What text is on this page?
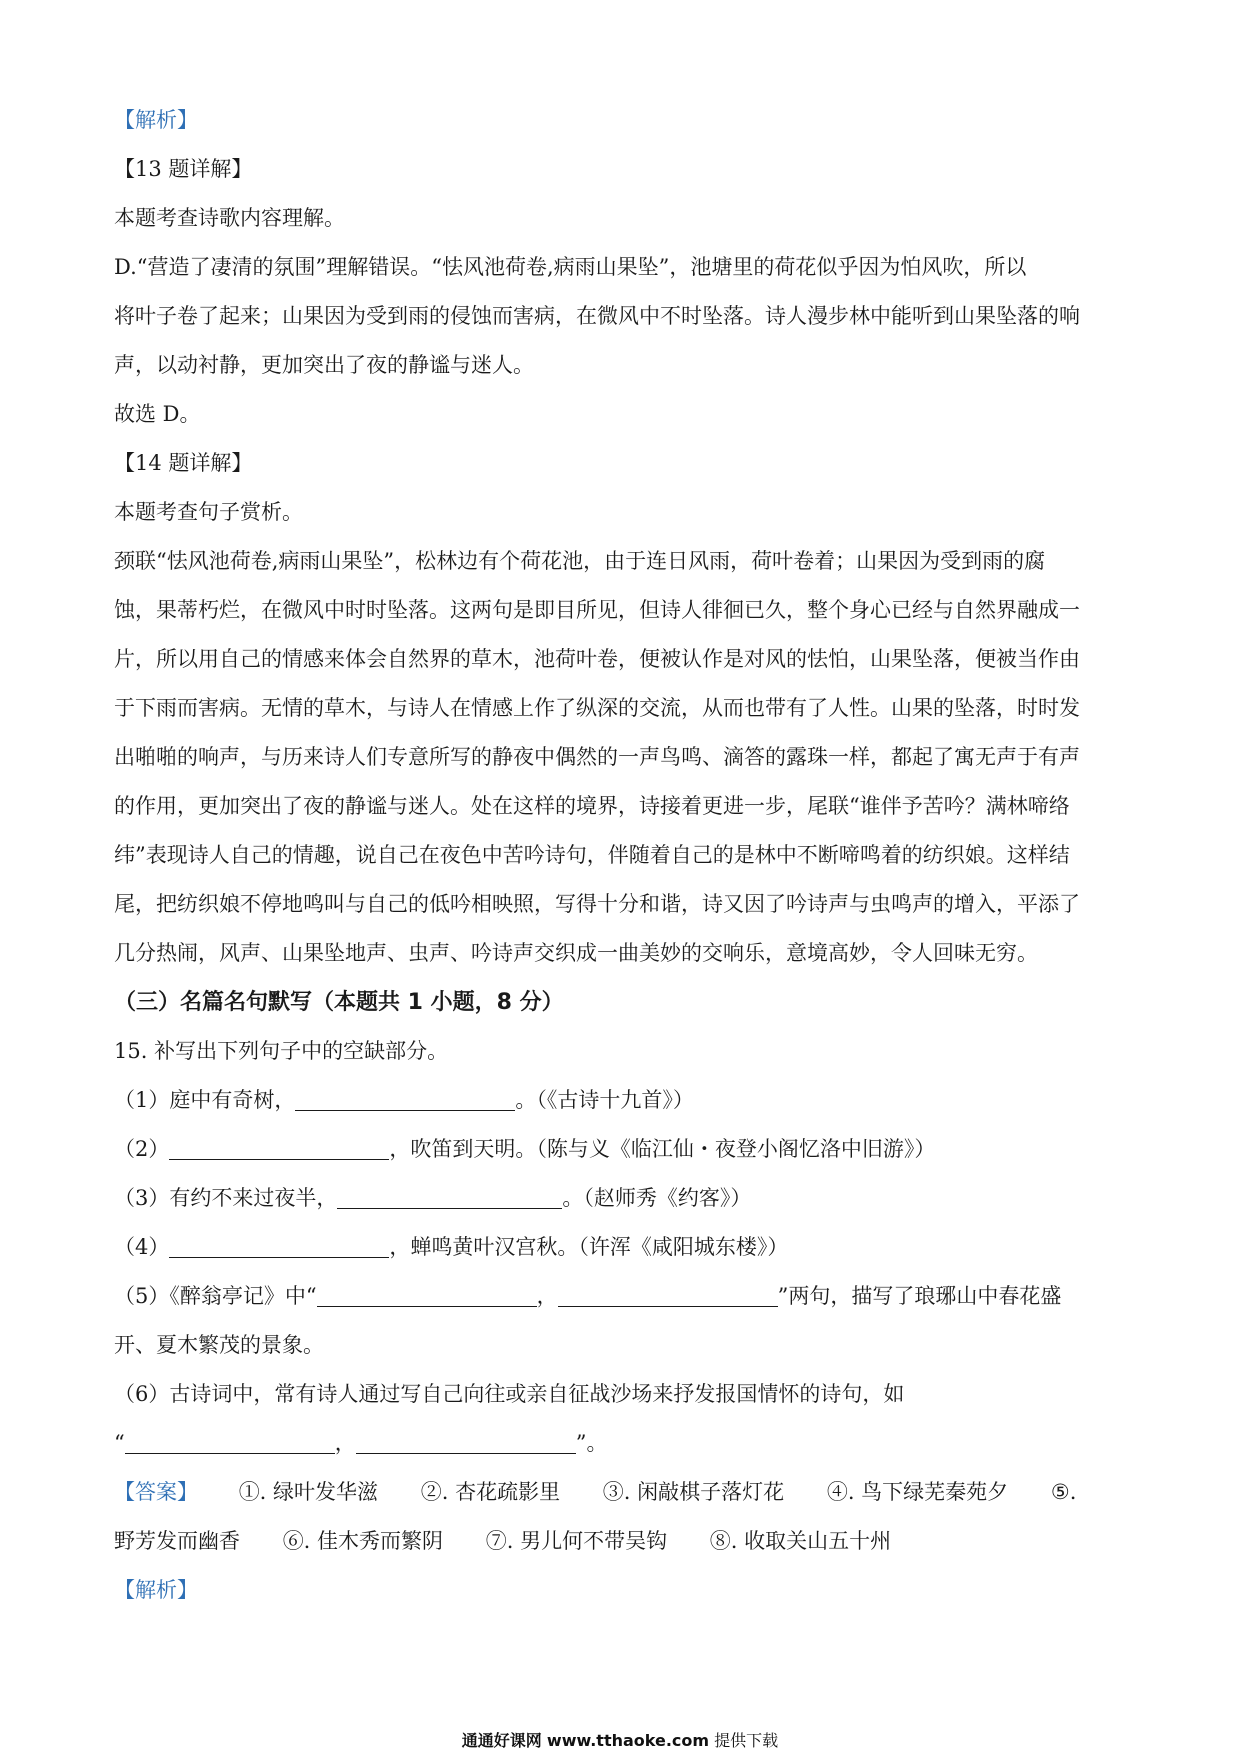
【解析】
【13 题详解】
本题考查诗歌内容理解。
D.“营造了凄清的氛围”理解错误。“怯风池荷卷,病雨山果坠”，池塘里的荷花似乎因为怕风吹，所以
将叶子卷了起来；山果因为受到雨的侵蚀而害病，在微风中不时坠落。诗人漫步林中能听到山果坠落的响
声，以动衬静，更加突出了夜的静谧与迷人。
故选 D。
【14 题详解】
本题考查句子赏析。
颈联“怯风池荷卷,病雨山果坠”，松林边有个荷花池，由于连日风雨，荷叶卷着；山果因为受到雨的腐
蚀，果蒂朽烂，在微风中时时坠落。这两句是即目所见，但诗人徘徊已久，整个身心已经与自然界融成一
片，所以用自己的情感来体会自然界的草木，池荷叶卷，便被认作是对风的怯怕，山果坠落，便被当作由
于下雨而害病。无情的草木，与诗人在情感上作了纵深的交流，从而也带有了人性。山果的坠落，时时发
出啪啪的响声，与历来诗人们专意所写的静夜中偶然的一声鸟鸣、滴答的露珠一样，都起了寓无声于有声
的作用，更加突出了夜的静谧与迷人。处在这样的境界，诗接着更进一步，尾联“谁伴予苦吟？满林啼络
纬”表现诗人自己的情趣，说自己在夜色中苦吟诗句，伴随着自己的是林中不断啼鸣着的纺织娘。这样结
尾，把纺织娘不停地鸣叫与自己的低吟相映照，写得十分和谐，诗又因了吟诗声与虫鸣声的增入，平添了
几分热闹，风声、山果坠地声、虫声、吟诗声交织成一曲美妙的交响乐，意境高妙，令人回味无穷。
（三）名篇名句默写（本题共 1 小题，8 分）
15. 补写出下列句子中的空缺部分。
（1）庭中有奇树，	。（《古诗十九首》）
（2）	，吹笛到天明。（陈与义《临江仙・夜登小阁忆洛中旧游》）
（3）有约不来过夜半，	。（赵师秀《约客》）
（4）	，蝉鸣黄叶汉宫秋。（许浑《咸阳城东楼》）
（5）《醉翁亭记》中“	，	”两句，描写了琅琊山中春花盛
开、夏木繁茂的景象。
（6）古诗词中，常有诗人通过写自己向往或亲自征战沙场来抒发报国情怀的诗句，如
“	，	”。
【答案】 ①. 绿叶发华滋 ②. 杏花疏影里 ③. 闲敲棋子落灯花 ④. 鸟下绿芜秦苑夕 ⑤.
野芳发而幽香 ⑥. 佳木秀而繁阴 ⑦. 男儿何不带吴钩 ⑧. 收取关山五十州
【解析】
通通好课网 www.tthaoke.com 提供下载
